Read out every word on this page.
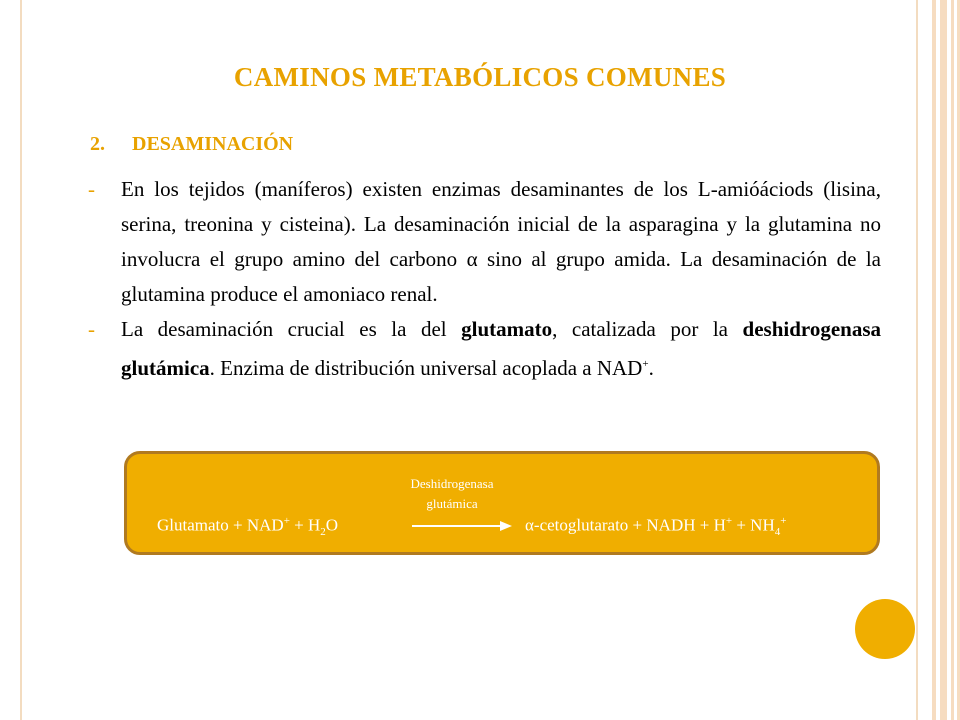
CAMINOS METABÓLICOS COMUNES
2. DESAMINACIÓN
- En los tejidos (maníferos) existen enzimas desaminantes de los L-amióáciods (lisina, serina, treonina y cisteina). La desaminación inicial de la asparagina y la glutamina no involucra el grupo amino del carbono α sino al grupo amida. La desaminación de la glutamina produce el amoniaco renal.
- La desaminación crucial es la del glutamato, catalizada por la deshidrogenasa glutámica. Enzima de distribución universal acoplada a NAD+.
Deshidrogenasa
glutámica
Glutamato + $NAD^+ + H_2O$	α-cetoglutarato + NADH + $H^+ + NH_4^+$
